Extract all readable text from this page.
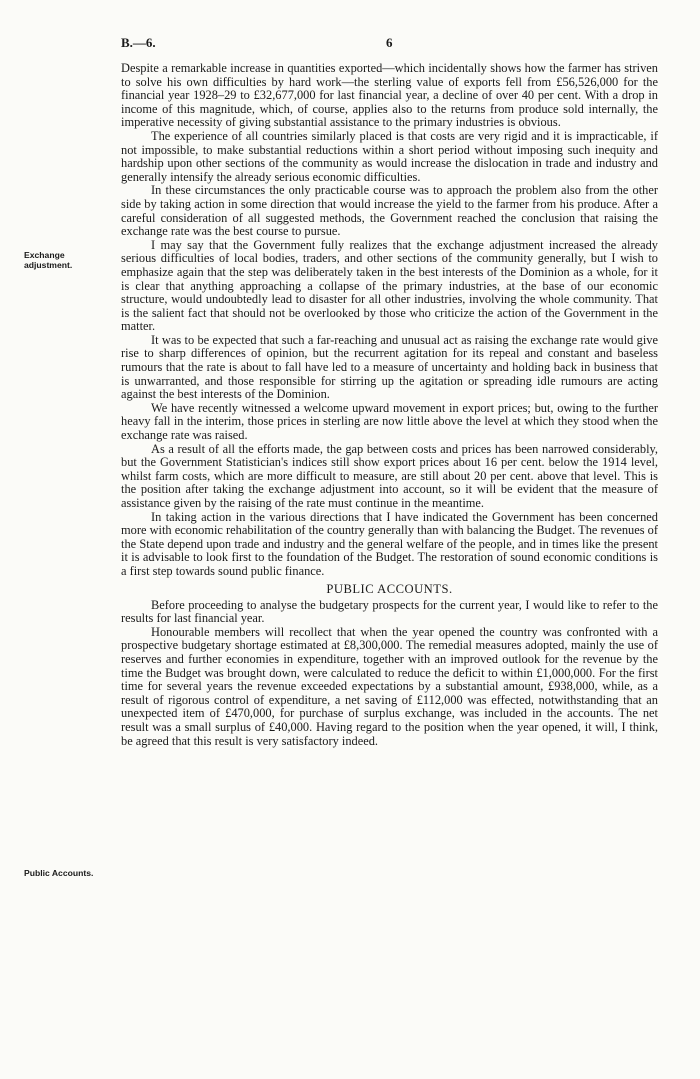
B.—6.	6
Exchange adjustment.
Public Accounts.

Despite a remarkable increase in quantities exported—which incidentally shows how the farmer has striven to solve his own difficulties by hard work—the sterling value of exports fell from £56,526,000 for the financial year 1928–29 to £32,677,000 for last financial year, a decline of over 40 per cent. With a drop in income of this magnitude, which, of course, applies also to the returns from produce sold internally, the imperative necessity of giving substantial assistance to the primary industries is obvious.

The experience of all countries similarly placed is that costs are very rigid and it is impracticable, if not impossible, to make substantial reductions within a short period without imposing such inequity and hardship upon other sections of the community as would increase the dislocation in trade and industry and generally intensify the already serious economic difficulties.

In these circumstances the only practicable course was to approach the problem also from the other side by taking action in some direction that would increase the yield to the farmer from his produce. After a careful consideration of all suggested methods, the Government reached the conclusion that raising the exchange rate was the best course to pursue.

I may say that the Government fully realizes that the exchange adjustment increased the already serious difficulties of local bodies, traders, and other sections of the community generally, but I wish to emphasize again that the step was deliberately taken in the best interests of the Dominion as a whole, for it is clear that anything approaching a collapse of the primary industries, at the base of our economic structure, would undoubtedly lead to disaster for all other industries, involving the whole community. That is the salient fact that should not be overlooked by those who criticize the action of the Government in the matter.

It was to be expected that such a far-reaching and unusual act as raising the exchange rate would give rise to sharp differences of opinion, but the recurrent agitation for its repeal and constant and baseless rumours that the rate is about to fall have led to a measure of uncertainty and holding back in business that is unwarranted, and those responsible for stirring up the agitation or spreading idle rumours are acting against the best interests of the Dominion.

We have recently witnessed a welcome upward movement in export prices; but, owing to the further heavy fall in the interim, those prices in sterling are now little above the level at which they stood when the exchange rate was raised.

As a result of all the efforts made, the gap between costs and prices has been narrowed considerably, but the Government Statistician's indices still show export prices about 16 per cent. below the 1914 level, whilst farm costs, which are more difficult to measure, are still about 20 per cent. above that level. This is the position after taking the exchange adjustment into account, so it will be evident that the measure of assistance given by the raising of the rate must continue in the meantime.

In taking action in the various directions that I have indicated the Government has been concerned more with economic rehabilitation of the country generally than with balancing the Budget. The revenues of the State depend upon trade and industry and the general welfare of the people, and in times like the present it is advisable to look first to the foundation of the Budget. The restoration of sound economic conditions is a first step towards sound public finance.

PUBLIC ACCOUNTS.

Before proceeding to analyse the budgetary prospects for the current year, I would like to refer to the results for last financial year.

Honourable members will recollect that when the year opened the country was confronted with a prospective budgetary shortage estimated at £8,300,000. The remedial measures adopted, mainly the use of reserves and further economies in expenditure, together with an improved outlook for the revenue by the time the Budget was brought down, were calculated to reduce the deficit to within £1,000,000. For the first time for several years the revenue exceeded expectations by a substantial amount, £938,000, while, as a result of rigorous control of expenditure, a net saving of £112,000 was effected, notwithstanding that an unexpected item of £470,000, for purchase of surplus exchange, was included in the accounts. The net result was a small surplus of £40,000. Having regard to the position when the year opened, it will, I think, be agreed that this result is very satisfactory indeed.
